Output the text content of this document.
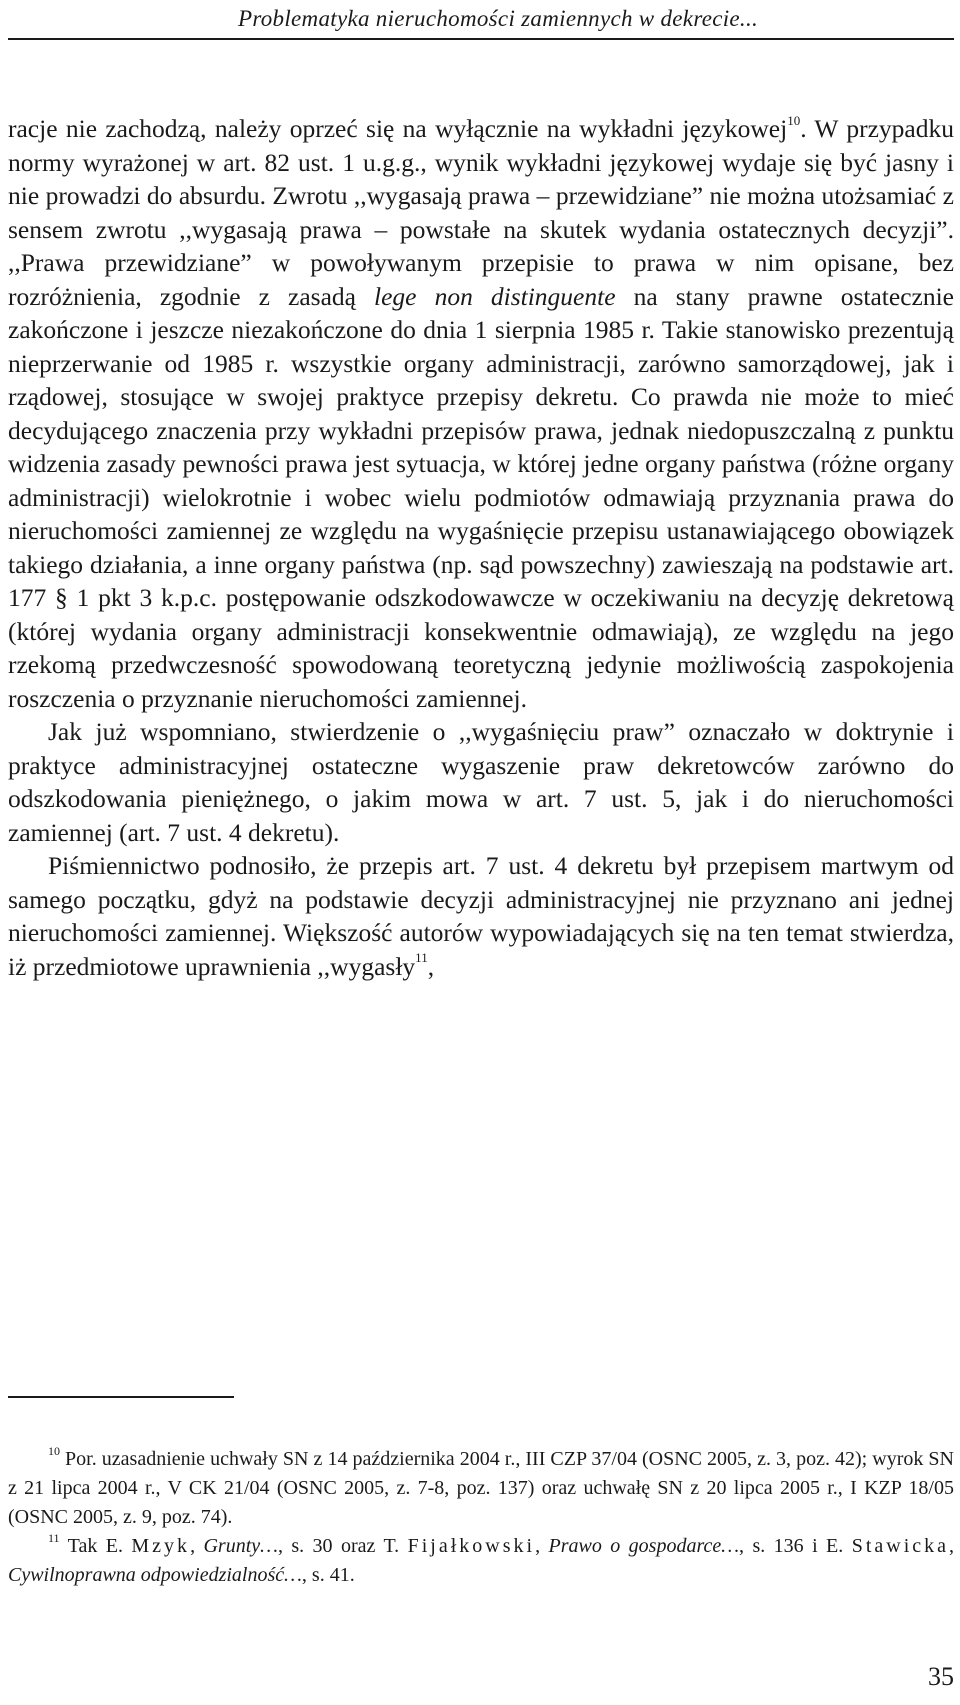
Problematyka nieruchomości zamiennych w dekrecie...

racje nie zachodzą, należy oprzeć się na wyłącznie na wykładni językowej$^{10}$. W przypadku normy wyrażonej w art. 82 ust. 1 u.g.g., wynik wykładni językowej wydaje się być jasny i nie prowadzi do absurdu. Zwrotu ,,wygasają prawa – przewidziane” nie można utożsamiać z sensem zwrotu ,,wygasają prawa – powstałe na skutek wydania ostatecznych decyzji”. ,,Prawa przewidziane” w powoływanym przepisie to prawa w nim opisane, bez rozróżnienia, zgodnie z zasadą lege non distinguente na stany prawne ostatecznie zakończone i jeszcze niezakończone do dnia 1 sierpnia 1985 r. Takie stanowisko prezentują nieprzerwanie od 1985 r. wszystkie organy administracji, zarówno samorządowej, jak i rządowej, stosujące w swojej praktyce przepisy dekretu. Co prawda nie może to mieć decydującego znaczenia przy wykładni przepisów prawa, jednak niedopuszczalną z punktu widzenia zasady pewności prawa jest sytuacja, w której jedne organy państwa (różne organy administracji) wielokrotnie i wobec wielu podmiotów odmawiają przyznania prawa do nieruchomości zamiennej ze względu na wygaśnięcie przepisu ustanawiającego obowiązek takiego działania, a inne organy państwa (np. sąd powszechny) zawieszają na podstawie art. 177 § 1 pkt 3 k.p.c. postępowanie odszkodowawcze w oczekiwaniu na decyzję dekretową (której wydania organy administracji konsekwentnie odmawiają), ze względu na jego rzekomą przedwczesność spowodowaną teoretyczną jedynie możliwością zaspokojenia roszczenia o przyznanie nieruchomości zamiennej.

Jak już wspomniano, stwierdzenie o ,,wygaśnięciu praw” oznaczało w doktrynie i praktyce administracyjnej ostateczne wygaszenie praw dekretowców zarówno do odszkodowania pieniężnego, o jakim mowa w art. 7 ust. 5, jak i do nieruchomości zamiennej (art. 7 ust. 4 dekretu).

Piśmiennictwo podnosiło, że przepis art. 7 ust. 4 dekretu był przepisem martwym od samego początku, gdyż na podstawie decyzji administracyjnej nie przyznano ani jednej nieruchomości zamiennej. Większość autorów wypowiadających się na ten temat stwierdza, iż przedmiotowe uprawnienia ,,wygasły$^{11}$,

$^{10}$ Por. uzasadnienie uchwały SN z 14 października 2004 r., III CZP 37/04 (OSNC 2005, z. 3, poz. 42); wyrok SN z 21 lipca 2004 r., V CK 21/04 (OSNC 2005, z. 7-8, poz. 137) oraz uchwałę SN z 20 lipca 2005 r., I KZP 18/05 (OSNC 2005, z. 9, poz. 74).

$^{11}$ Tak E. Mzyk, Grunty…, s. 30 oraz T. Fijałkowski, Prawo o gospodarce…, s. 136 i E. Stawicka, Cywilnoprawna odpowiedzialność…, s. 41.

35
